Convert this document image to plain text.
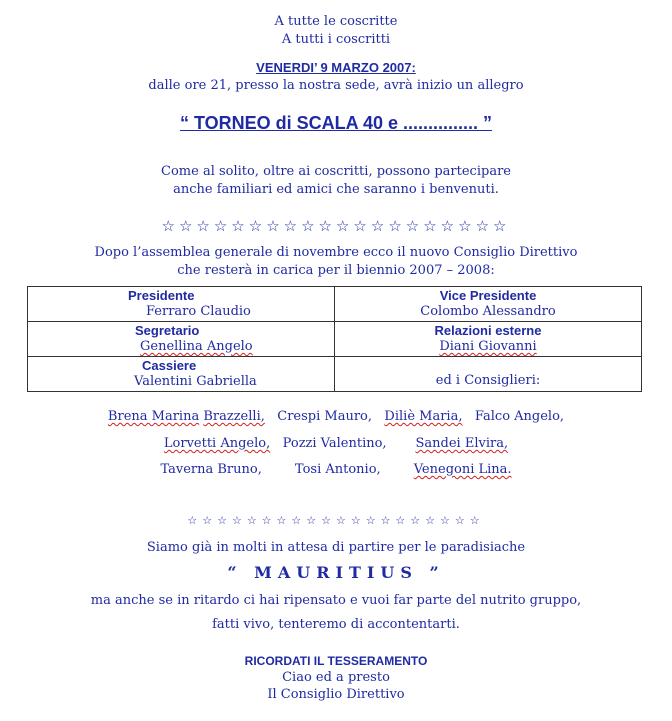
A tutte le coscritte
A tutti i coscritti
VENERDI’ 9 MARZO 2007:
dalle ore 21, presso la nostra sede, avrà inizio un allegro
“ TORNEO di SCALA 40 e ............... ”
Come al solito, oltre ai coscritti, possono partecipare
anche familiari ed amici che saranno i benvenuti.
☆☆☆☆☆☆☆☆☆☆☆☆☆☆☆☆☆☆☆☆
Dopo l’assemblea generale di novembre ecco il nuovo Consiglio Direttivo
che resterà in carica per il biennio 2007 – 2008:
Presidente
Ferraro Claudio	Vice Presidente
Colombo Alessandro

Segretario
Genellina Angelo	Relazioni esterne
Diani Giovanni

Cassiere
Valentini Gabriella	ed i Consiglieri:
Brena Marina Brazzelli, Crespi Mauro, Diliè Maria, Falco Angelo,
Lorvetti Angelo, Pozzi Valentino, Sandei Elvira,
Taverna Bruno,	Tosi Antonio,	Venegoni Lina.
☆☆☆☆☆☆☆☆☆☆☆☆☆☆☆☆☆☆☆☆
Siamo già in molti in attesa di partire per le paradisiache
“ MAURITIUS ”
ma anche se in ritardo ci hai ripensato e vuoi far parte del nutrito gruppo,
fatti vivo, tenteremo di accontentarti.
RICORDATI IL TESSERAMENTO
Ciao ed a presto
Il Consiglio Direttivo
